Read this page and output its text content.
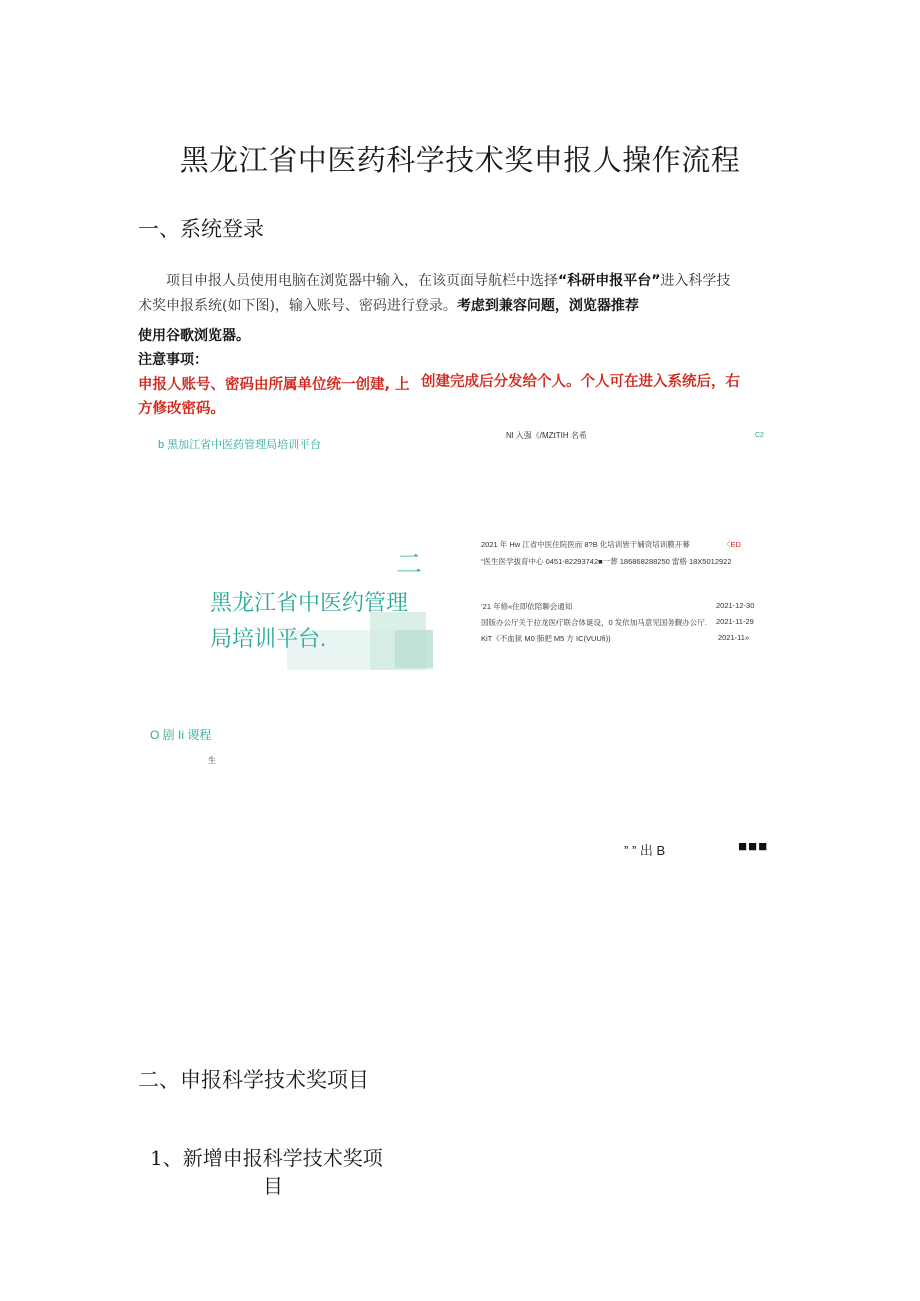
黑龙江省中医药科学技术奖申报人操作流程
一、系统登录
项目申报人员使用电脑在浏览器中输入，在该页面导航栏中选择“科研申报平台”进入科学技
术奖申报系统(如下图)，输入账号、密码进行登录。考虑到兼容问题，浏览器推荐
使用谷歌浏览器。
注意事项：
申报人账号、密码由所属单位统一创建, 上 创建完成后分发给个人。个人可在进入系统后，右
方修改密码。
b 黑加江省中医药管理局培训平台
Nl 入强《/MZtTIH 名希	C2
二
黑龙江省中医约管理
局培训平台.
2021 年 Hw 江省中医住院医而 8?B 化培训皆干辅资培训膜开幕	〈ED
“医生医学拔育中心 0451-82293742■一葬 186868288250 雷格 18X5012922
‘21 年修«住即依陪聊会通知	2021-12-30
国版办公厅关于拉龙医疔联合体诞设，0 发依加马意见国务觐办公厅. 2021-11-29
KiT《不血狱 M0 肺把 M5 方 IC(VUUfi))	2021-11»
O 剧 Ii 谡程
生
” ” 出 B	■■■
二、申报科学技术奖项目
1、新增申报科学技术奖项
目
